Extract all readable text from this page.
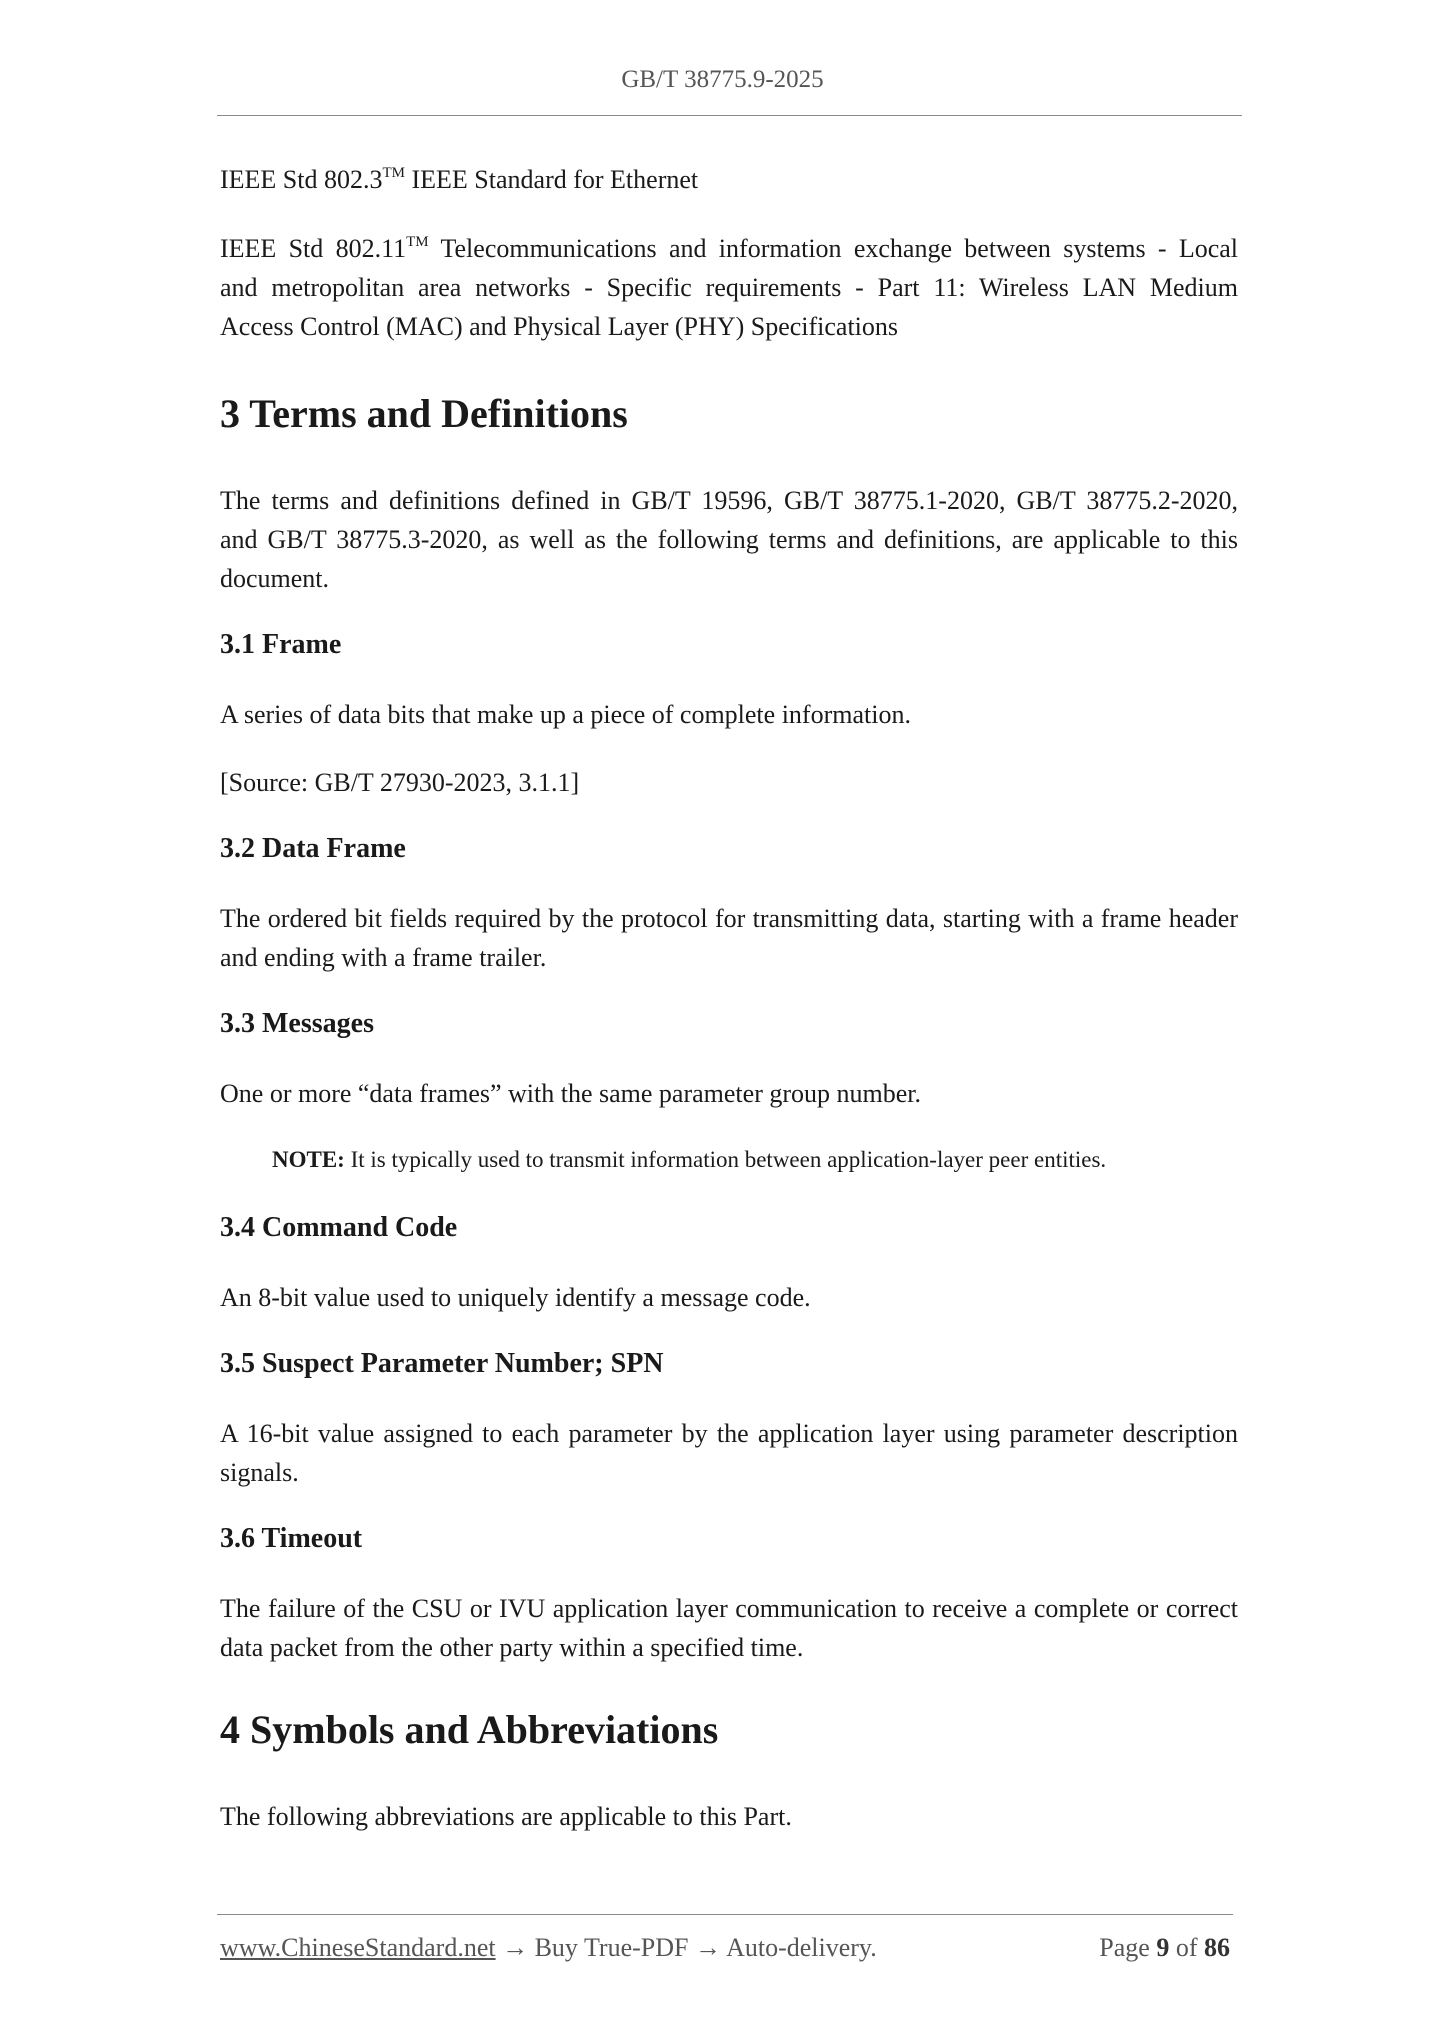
GB/T 38775.9-2025
IEEE Std 802.3™ IEEE Standard for Ethernet
IEEE Std 802.11™ Telecommunications and information exchange between systems - Local
and metropolitan area networks - Specific requirements - Part 11: Wireless LAN Medium
Access Control (MAC) and Physical Layer (PHY) Specifications
3 Terms and Definitions
The terms and definitions defined in GB/T 19596, GB/T 38775.1-2020, GB/T 38775.2-2020,
and GB/T 38775.3-2020, as well as the following terms and definitions, are applicable to this
document.
3.1 Frame
A series of data bits that make up a piece of complete information.
[Source: GB/T 27930-2023, 3.1.1]
3.2 Data Frame
The ordered bit fields required by the protocol for transmitting data, starting with a frame header
and ending with a frame trailer.
3.3 Messages
One or more “data frames” with the same parameter group number.
NOTE: It is typically used to transmit information between application-layer peer entities.
3.4 Command Code
An 8-bit value used to uniquely identify a message code.
3.5 Suspect Parameter Number; SPN
A 16-bit value assigned to each parameter by the application layer using parameter description
signals.
3.6 Timeout
The failure of the CSU or IVU application layer communication to receive a complete or correct
data packet from the other party within a specified time.
4 Symbols and Abbreviations
The following abbreviations are applicable to this Part.
www.ChineseStandard.net → Buy True-PDF → Auto-delivery.	Page 9 of 86
